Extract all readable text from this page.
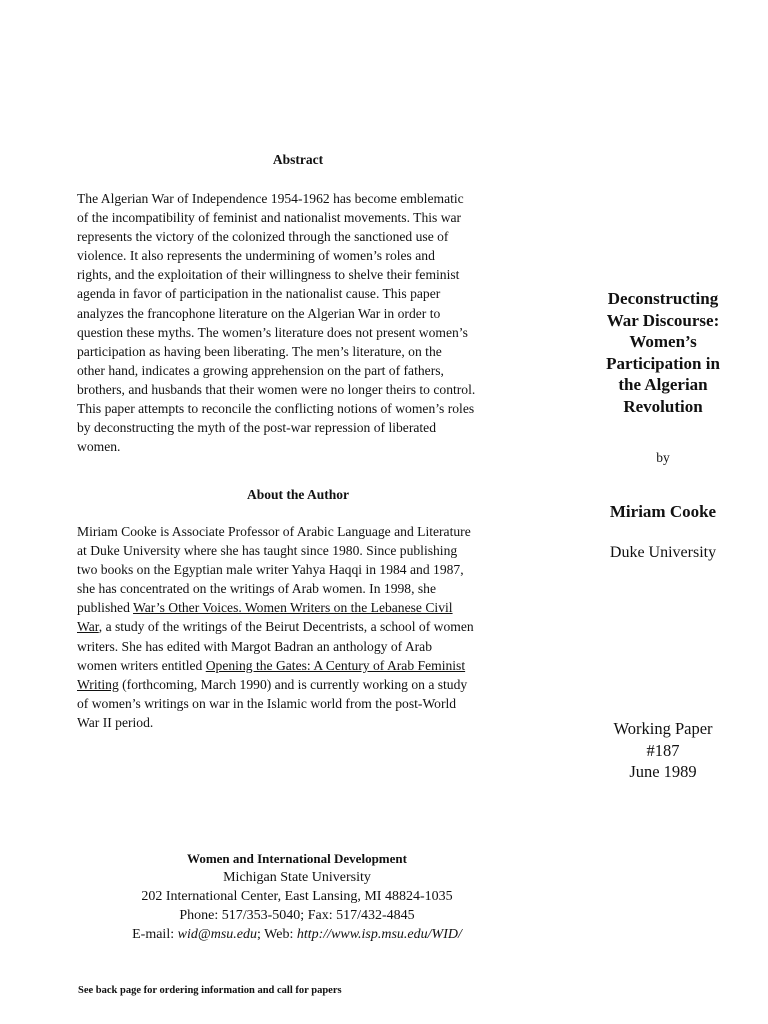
Abstract
The Algerian War of Independence 1954-1962 has become emblematic
of the incompatibility of feminist and nationalist movements. This war
represents the victory of the colonized through the sanctioned use of
violence. It also represents the undermining of women’s roles and
rights, and the exploitation of their willingness to shelve their feminist
agenda in favor of participation in the nationalist cause. This paper
analyzes the francophone literature on the Algerian War in order to
question these myths. The women’s literature does not present women’s
participation as having been liberating. The men’s literature, on the
other hand, indicates a growing apprehension on the part of fathers,
brothers, and husbands that their women were no longer theirs to control.
This paper attempts to reconcile the conflicting notions of women’s roles
by deconstructing the myth of the post-war repression of liberated
women.
About the Author
Miriam Cooke is Associate Professor of Arabic Language and Literature
at Duke University where she has taught since 1980. Since publishing
two books on the Egyptian male writer Yahya Haqqi in 1984 and 1987,
she has concentrated on the writings of Arab women. In 1998, she
published War’s Other Voices. Women Writers on the Lebanese Civil
War, a study of the writings of the Beirut Decentrists, a school of women
writers. She has edited with Margot Badran an anthology of Arab
women writers entitled Opening the Gates: A Century of Arab Feminist
Writing (forthcoming, March 1990) and is currently working on a study
of women’s writings on war in the Islamic world from the post-World
War II period.
Deconstructing
War Discourse:
Women’s
Participation in
the Algerian
Revolution
by
Miriam Cooke
Duke University
Working Paper
#187
June 1989
Women and International Development
Michigan State University
202 International Center, East Lansing, MI 48824-1035
Phone: 517/353-5040; Fax: 517/432-4845
E-mail: wid@msu.edu; Web: http://www.isp.msu.edu/WID/
See back page for ordering information and call for papers
